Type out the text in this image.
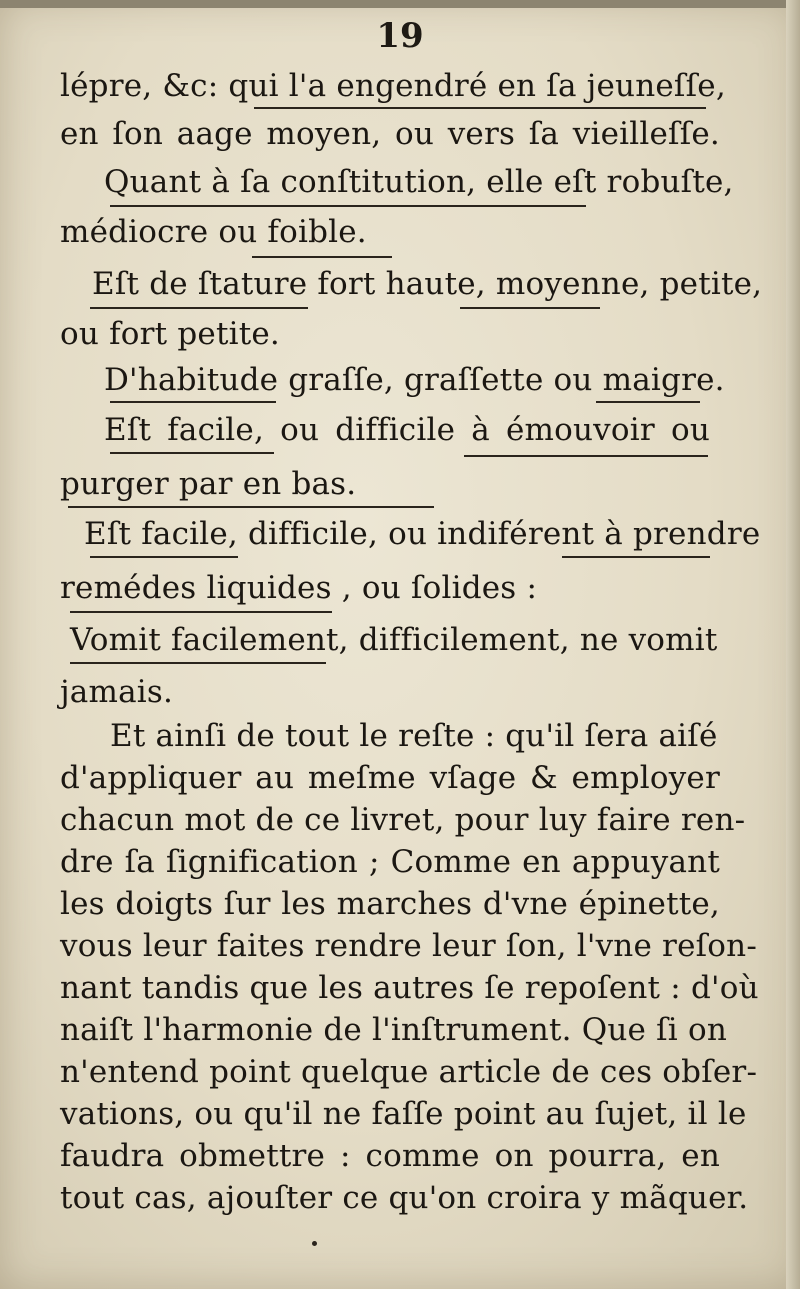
19
lépre, &c: qui l'a engendré en ſa jeuneſſe,
en ſon aage moyen, ou vers ſa vieilleſſe.
Quant à ſa conſtitution, elle eſt robuſte,
médiocre ou foible.
Eſt de ſtature fort haute, moyenne, petite,
ou fort petite.
D'habitude graſſe, graſſette ou maigre.
Eſt facile, ou difficile à émouvoir ou
purger par en bas.
Eſt facile, difficile, ou indiférent à prendre
remédes liquides , ou ſolides :
Vomit facilement, difficilement, ne vomit
jamais.
Et ainſi de tout le reſte : qu'il ſera aiſé
d'appliquer au meſme vſage & employer
chacun mot de ce livret, pour luy faire ren-
dre ſa ſignification ; Comme en appuyant
les doigts ſur les marches d'vne épinette,
vous leur faites rendre leur ſon, l'vne reſon-
nant tandis que les autres ſe repoſent : d'où
naiſt l'harmonie de l'inſtrument. Que ſi on
n'entend point quelque article de ces obſer-
vations, ou qu'il ne faſſe point au ſujet, il le
faudra obmettre : comme on pourra, en
tout cas, ajouſter ce qu'on croira y mãquer.
